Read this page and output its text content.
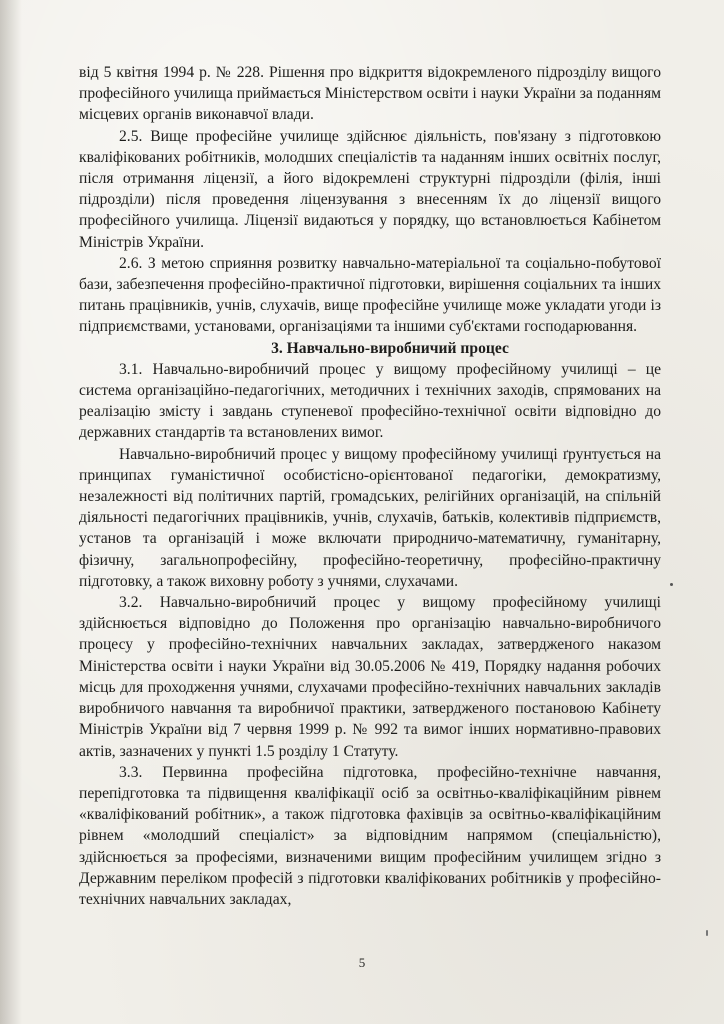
від 5 квітня 1994 р. № 228. Рішення про відкриття відокремленого підрозділу вищого професійного училища приймається Міністерством освіти і науки України за поданням місцевих органів виконавчої влади.

2.5. Вище професійне училище здійснює діяльність, пов'язану з підготовкою кваліфікованих робітників, молодших спеціалістів та наданням інших освітніх послуг, після отримання ліцензії, а його відокремлені структурні підрозділи (філія, інші підрозділи) після проведення ліцензування з внесенням їх до ліцензії вищого професійного училища. Ліцензії видаються у порядку, що встановлюється Кабінетом Міністрів України.

2.6. З метою сприяння розвитку навчально-матеріальної та соціально-побутової бази, забезпечення професійно-практичної підготовки, вирішення соціальних та інших питань працівників, учнів, слухачів, вище професійне училище може укладати угоди із підприємствами, установами, організаціями та іншими суб'єктами господарювання.

3. Навчально-виробничий процес

3.1. Навчально-виробничий процес у вищому професійному училищі – це система організаційно-педагогічних, методичних і технічних заходів, спрямованих на реалізацію змісту і завдань ступеневої професійно-технічної освіти відповідно до державних стандартів та встановлених вимог.

Навчально-виробничий процес у вищому професійному училищі ґрунтується на принципах гуманістичної особистісно-орієнтованої педагогіки, демократизму, незалежності від політичних партій, громадських, релігійних організацій, на спільній діяльності педагогічних працівників, учнів, слухачів, батьків, колективів підприємств, установ та організацій і може включати природничо-математичну, гуманітарну, фізичну, загальнопрофесійну, професійно-теоретичну, професійно-практичну підготовку, а також виховну роботу з учнями, слухачами.

3.2. Навчально-виробничий процес у вищому професійному училищі здійснюється відповідно до Положення про організацію навчально-виробничого процесу у професійно-технічних навчальних закладах, затвердженого наказом Міністерства освіти і науки України від 30.05.2006 № 419, Порядку надання робочих місць для проходження учнями, слухачами професійно-технічних навчальних закладів виробничого навчання та виробничої практики, затвердженого постановою Кабінету Міністрів України від 7 червня 1999 р. № 992 та вимог інших нормативно-правових актів, зазначених у пункті 1.5 розділу 1 Статуту.

3.3. Первинна професійна підготовка, професійно-технічне навчання, перепідготовка та підвищення кваліфікації осіб за освітньо-кваліфікаційним рівнем «кваліфікований робітник», а також підготовка фахівців за освітньо-кваліфікаційним рівнем «молодший спеціаліст» за відповідним напрямом (спеціальністю), здійснюється за професіями, визначеними вищим професійним училищем згідно з Державним переліком професій з підготовки кваліфікованих робітників у професійно-технічних навчальних закладах,

5
